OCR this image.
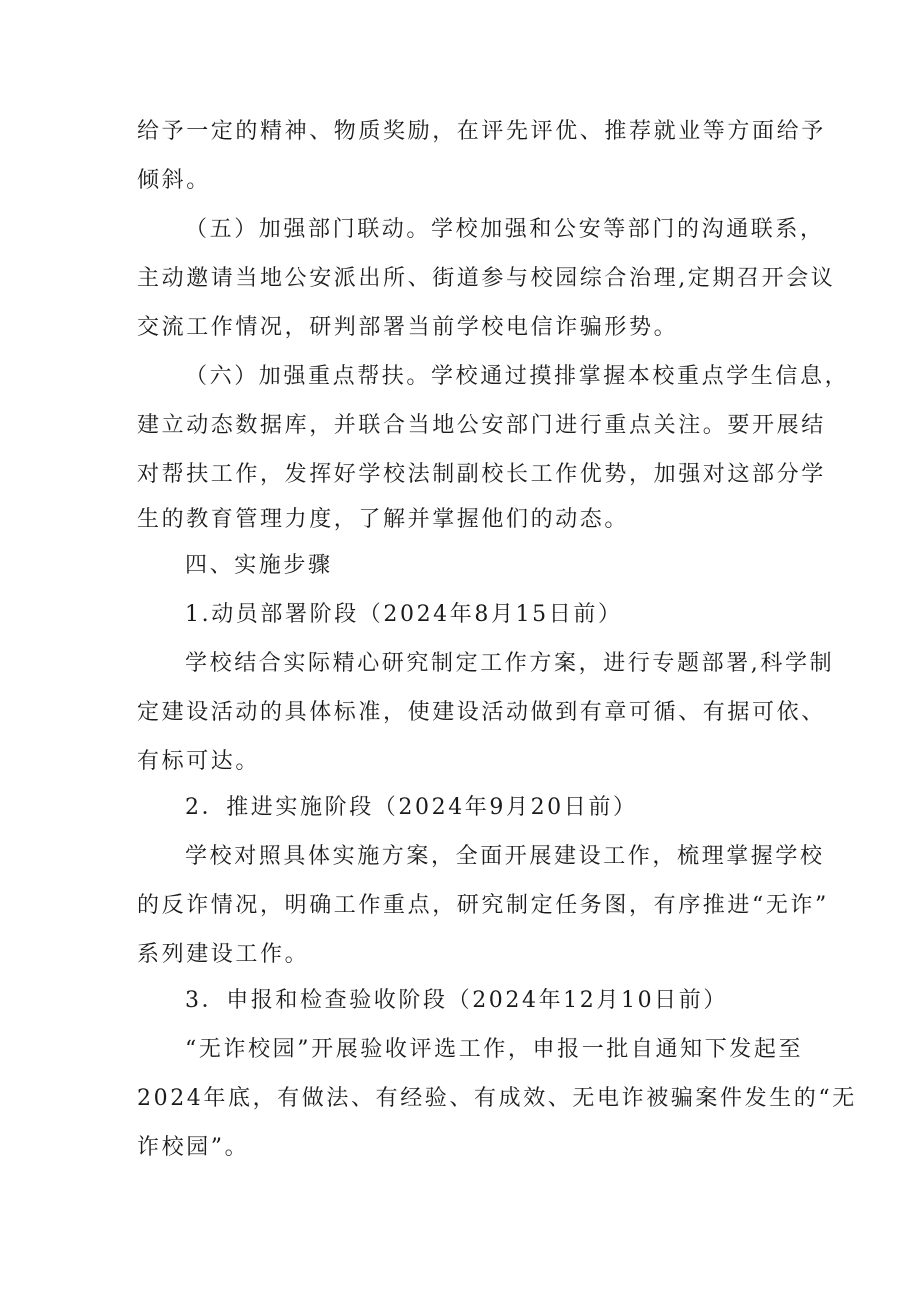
给予一定的精神、物质奖励，在评先评优、推荐就业等方面给予
倾斜。
（五）加强部门联动。学校加强和公安等部门的沟通联系，
主动邀请当地公安派出所、街道参与校园综合治理,定期召开会议
交流工作情况，研判部署当前学校电信诈骗形势。
（六）加强重点帮扶。学校通过摸排掌握本校重点学生信息，
建立动态数据库，并联合当地公安部门进行重点关注。要开展结
对帮扶工作，发挥好学校法制副校长工作优势，加强对这部分学
生的教育管理力度，了解并掌握他们的动态。
四、实施步骤
1.动员部署阶段（2024年8月15日前）
学校结合实际精心研究制定工作方案，进行专题部署,科学制
定建设活动的具体标准，使建设活动做到有章可循、有据可依、
有标可达。
2．推进实施阶段（2024年9月20日前）
学校对照具体实施方案，全面开展建设工作，梳理掌握学校
的反诈情况，明确工作重点，研究制定任务图，有序推进“无诈”
系列建设工作。
3．申报和检查验收阶段（2024年12月10日前）
“无诈校园”开展验收评选工作，申报一批自通知下发起至
2024年底，有做法、有经验、有成效、无电诈被骗案件发生的“无
诈校园”。
